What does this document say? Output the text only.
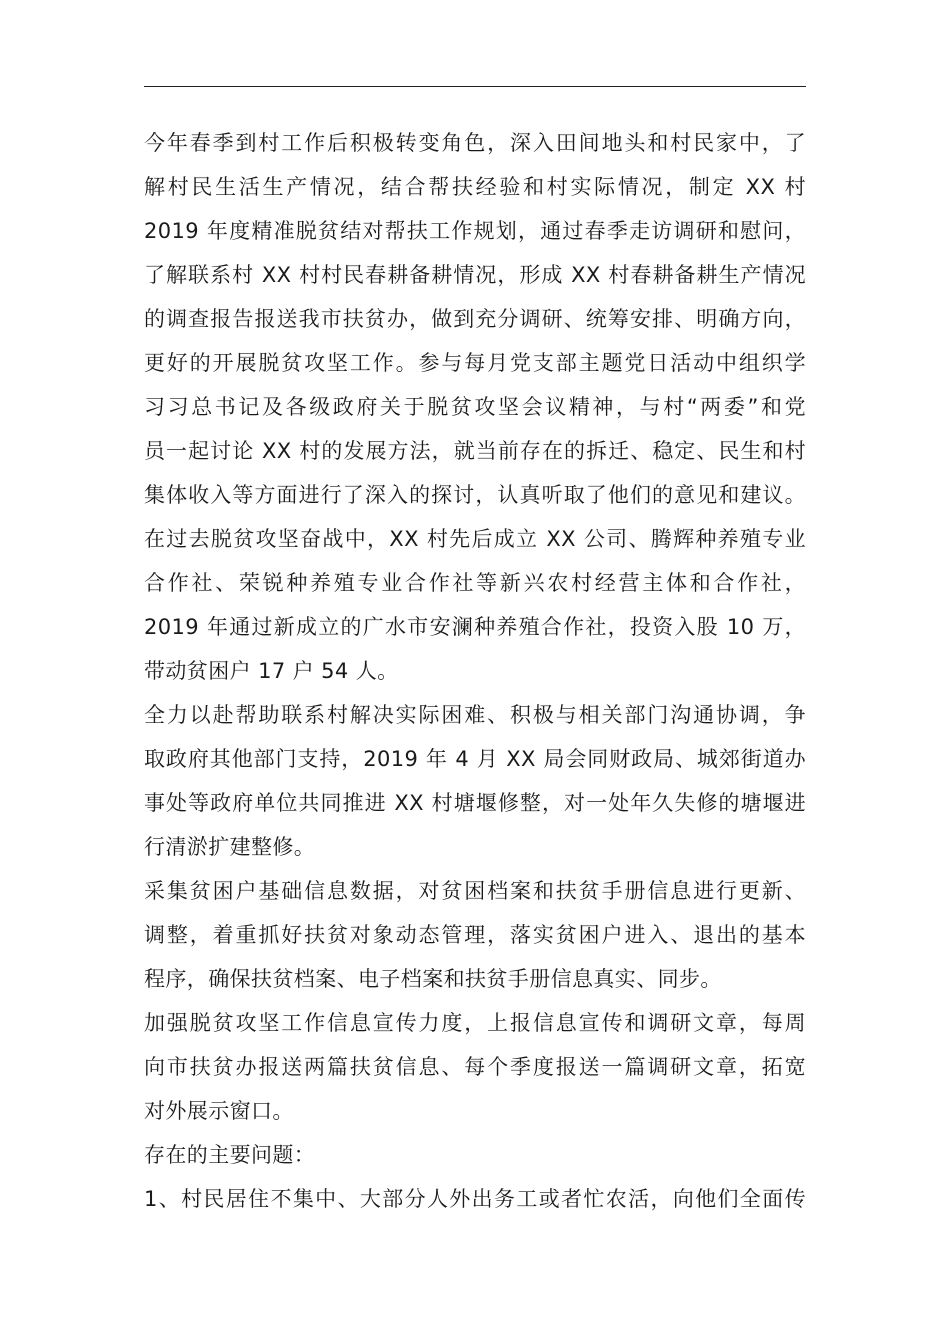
今年春季到村工作后积极转变角色，深入田间地头和村民家中，了
解村民生活生产情况，结合帮扶经验和村实际情况，制定 XX 村
2019 年度精准脱贫结对帮扶工作规划，通过春季走访调研和慰问，
了解联系村 XX 村村民春耕备耕情况，形成 XX 村春耕备耕生产情况
的调查报告报送我市扶贫办，做到充分调研、统筹安排、明确方向，
更好的开展脱贫攻坚工作。参与每月党支部主题党日活动中组织学
习习总书记及各级政府关于脱贫攻坚会议精神，与村“两委”和党
员一起讨论 XX 村的发展方法，就当前存在的拆迁、稳定、民生和村
集体收入等方面进行了深入的探讨，认真听取了他们的意见和建议。
在过去脱贫攻坚奋战中，XX 村先后成立 XX 公司、腾辉种养殖专业
合作社、荣锐种养殖专业合作社等新兴农村经营主体和合作社，
2019 年通过新成立的广水市安澜种养殖合作社，投资入股 10 万，
带动贫困户 17 户 54 人。
全力以赴帮助联系村解决实际困难、积极与相关部门沟通协调，争
取政府其他部门支持，2019 年 4 月 XX 局会同财政局、城郊街道办
事处等政府单位共同推进 XX 村塘堰修整，对一处年久失修的塘堰进
行清淤扩建整修。
采集贫困户基础信息数据，对贫困档案和扶贫手册信息进行更新、
调整，着重抓好扶贫对象动态管理，落实贫困户进入、退出的基本
程序，确保扶贫档案、电子档案和扶贫手册信息真实、同步。
加强脱贫攻坚工作信息宣传力度，上报信息宣传和调研文章，每周
向市扶贫办报送两篇扶贫信息、每个季度报送一篇调研文章，拓宽
对外展示窗口。
存在的主要问题：
1、村民居住不集中、大部分人外出务工或者忙农活，向他们全面传
